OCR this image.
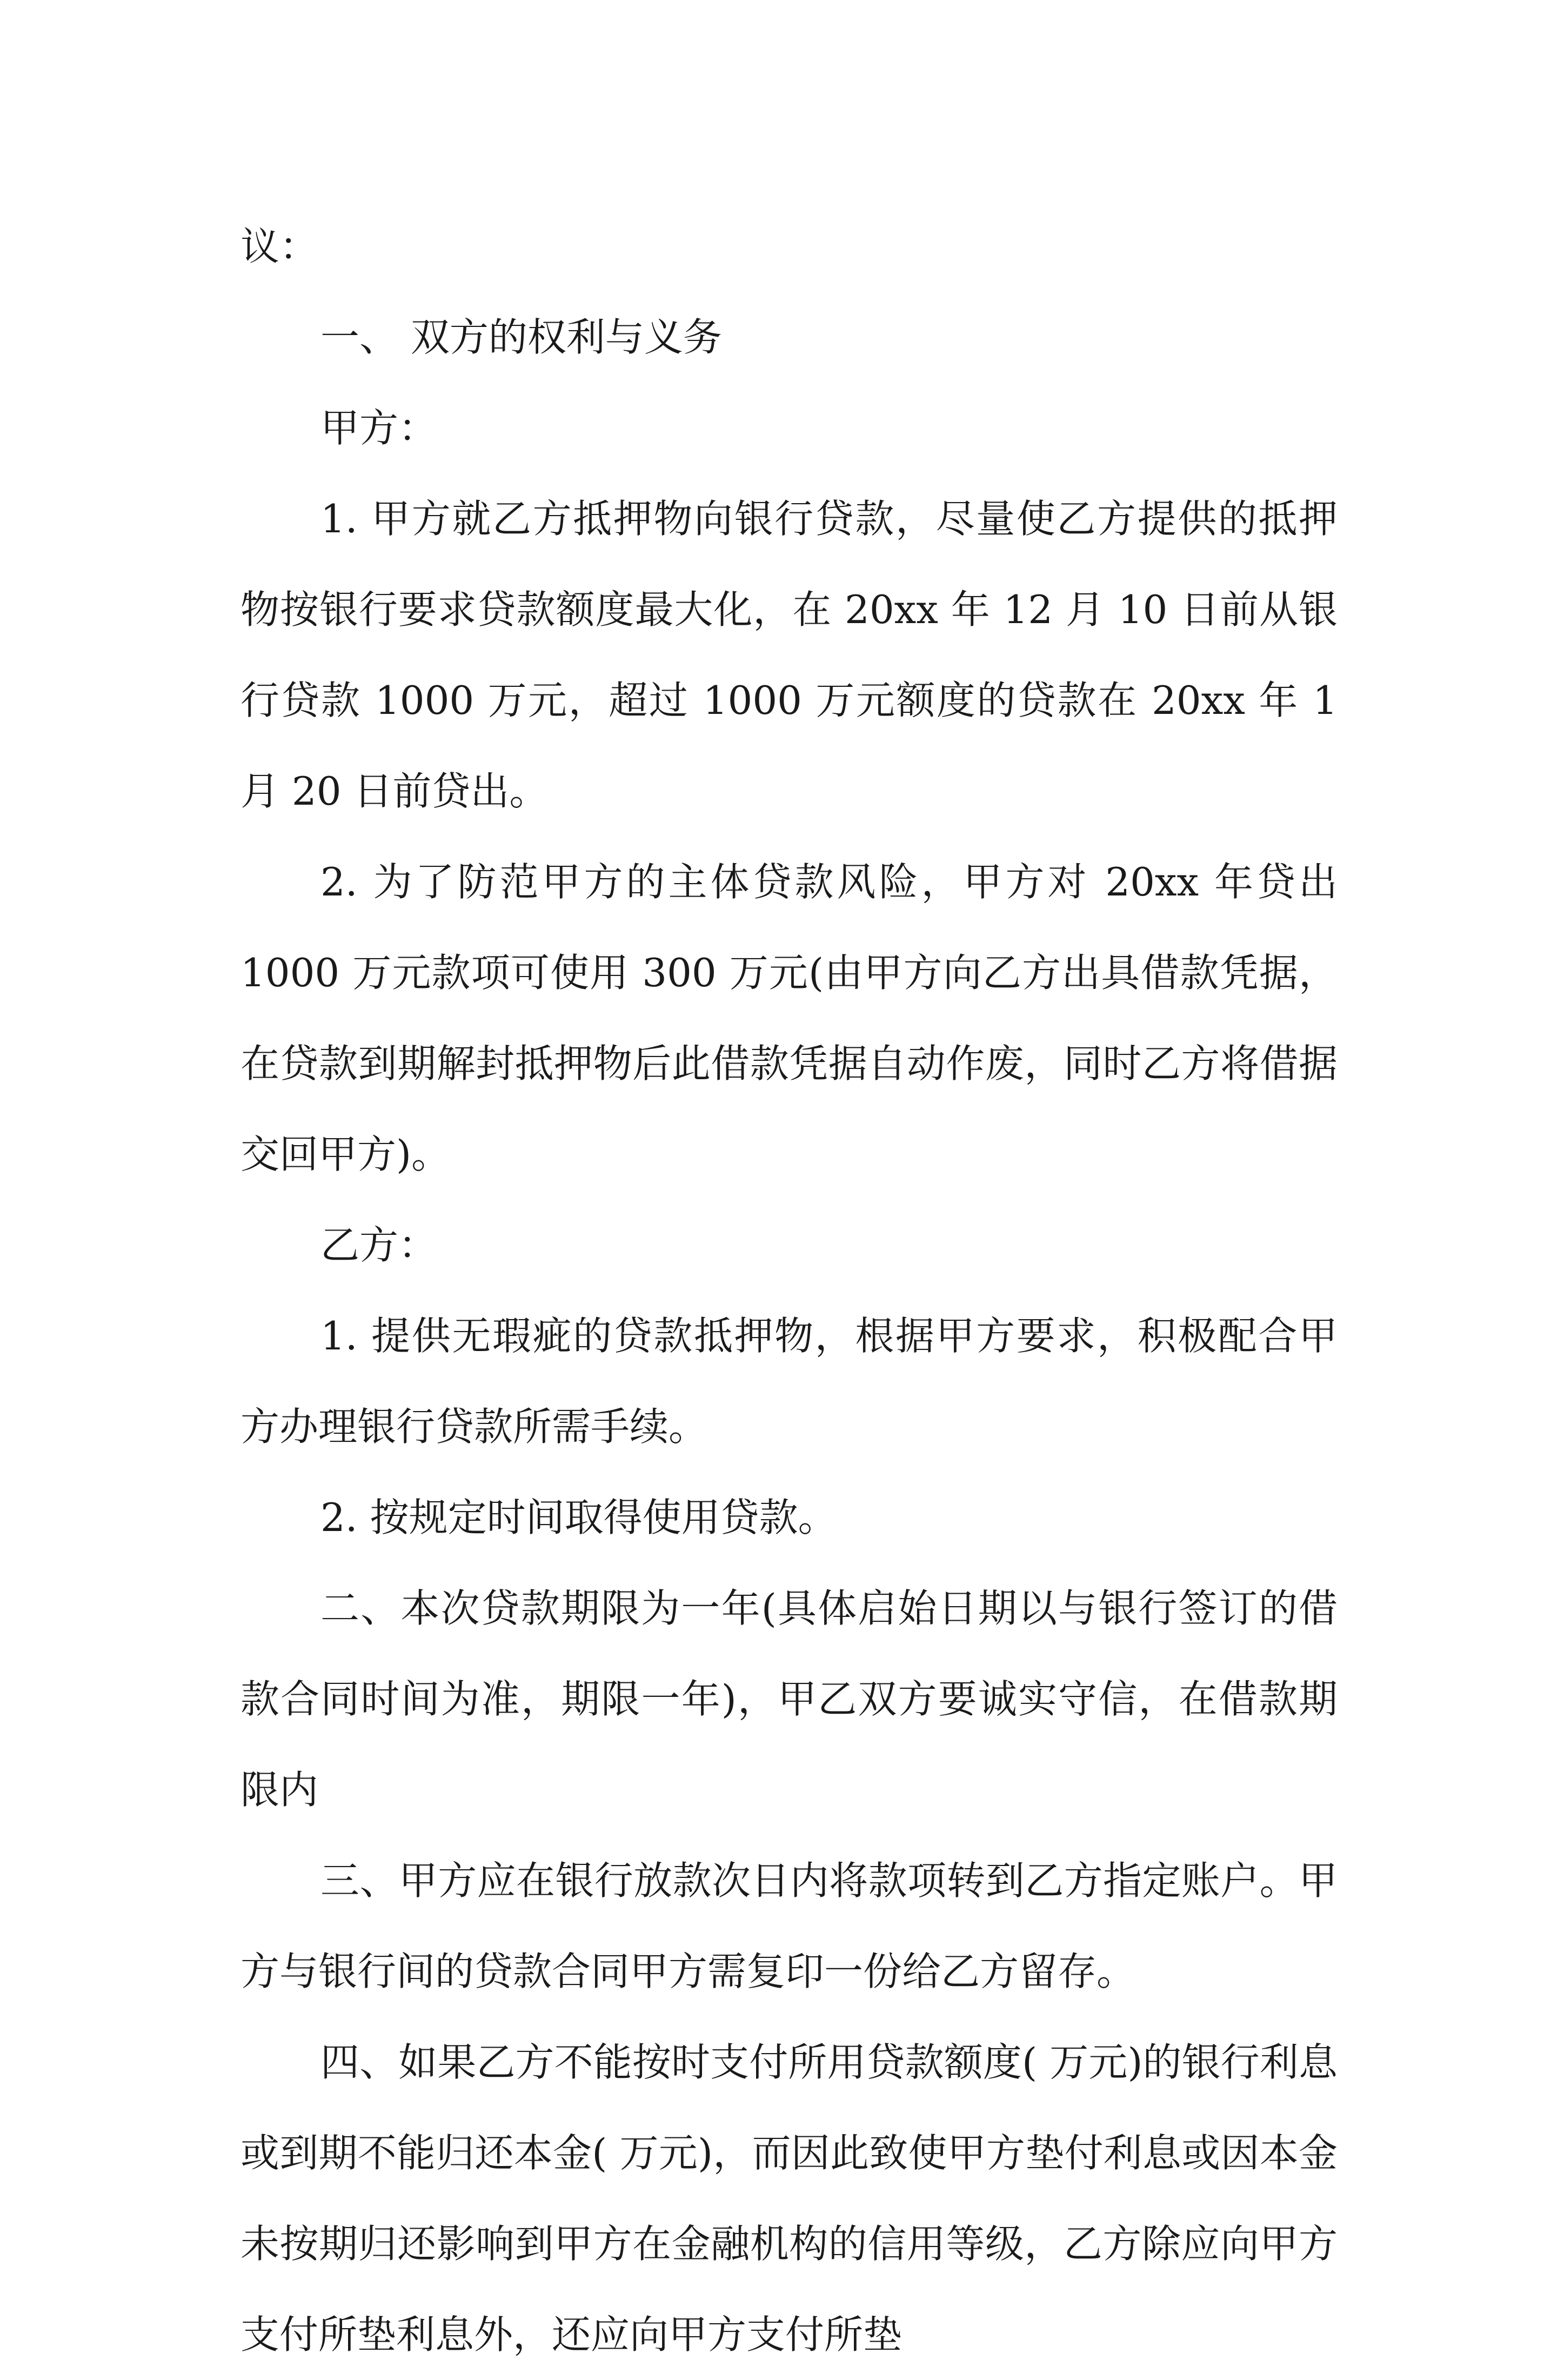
议：

一、 双方的权利与义务

甲方：

1. 甲方就乙方抵押物向银行贷款，尽量使乙方提供的抵押物按银行要求贷款额度最大化，在 20xx 年 12 月 10 日前从银行贷款 1000 万元，超过 1000 万元额度的贷款在 20xx 年 1 月 20 日前贷出。

2. 为了防范甲方的主体贷款风险，甲方对 20xx 年贷出 1000 万元款项可使用 300 万元(由甲方向乙方出具借款凭据，在贷款到期解封抵押物后此借款凭据自动作废，同时乙方将借据交回甲方)。

乙方：

1. 提供无瑕疵的贷款抵押物，根据甲方要求，积极配合甲方办理银行贷款所需手续。

2. 按规定时间取得使用贷款。

二、本次贷款期限为一年(具体启始日期以与银行签订的借款合同时间为准，期限一年)，甲乙双方要诚实守信，在借款期限内

三、甲方应在银行放款次日内将款项转到乙方指定账户。甲方与银行间的贷款合同甲方需复印一份给乙方留存。

四、如果乙方不能按时支付所用贷款额度( 万元)的银行利息或到期不能归还本金( 万元)，而因此致使甲方垫付利息或因本金未按期归还影响到甲方在金融机构的信用等级，乙方除应向甲方支付所垫利息外，还应向甲方支付所垫
